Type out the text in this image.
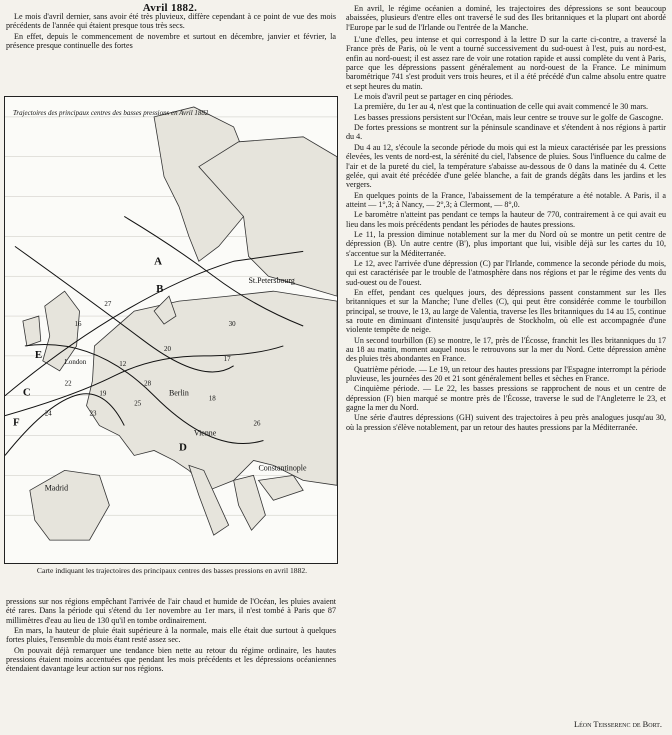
Avril 1882.

Le mois d'avril dernier, sans avoir été très pluvieux, diffère cependant à ce point de vue des mois précédents de l'année qui étaient presque tous très secs.

En effet, depuis le commencement de novembre et surtout en décembre, janvier et février, la présence presque continuelle des fortes

Trajectoires des principaux centres des basses pressions en Avril 1882.
St.Petersbourg
Berlin
Vienne
Madrid
Constantinople
London
A
B
C
D
E
F
12
16
17
18
19
20
22
23
24
25
26
27
28
30
Carte indiquant les trajectoires des principaux centres des basses pressions en avril 1882.

pressions sur nos régions empêchant l'arrivée de l'air chaud et humide de l'Océan, les pluies avaient été rares. Dans la période qui s'étend du 1er novembre au 1er mars, il n'est tombé à Paris que 87 millimètres d'eau au lieu de 130 qu'il en tombe ordinairement.

En mars, la hauteur de pluie était supérieure à la normale, mais elle était due surtout à quelques fortes pluies, l'ensemble du mois étant resté assez sec.

On pouvait déjà remarquer une tendance bien nette au retour du régime ordinaire, les hautes pressions étaient moins accentuées que pendant les mois précédents et les dépressions océaniennes étendaient davantage leur action sur nos régions.

En avril, le régime océanien a dominé, les trajectoires des dépressions se sont beaucoup abaissées, plusieurs d'entre elles ont traversé le sud des Iles britanniques et la plupart ont abordé l'Europe par le sud de l'Irlande ou l'entrée de la Manche.

L'une d'elles, peu intense et qui correspond à la lettre D sur la carte ci-contre, a traversé la France près de Paris, où le vent a tourné successivement du sud-ouest à l'est, puis au nord-est, enfin au nord-ouest; il est assez rare de voir une rotation rapide et aussi complète du vent à Paris, parce que les dépressions passent généralement au nord-ouest de la France. Le minimum barométrique 741 s'est produit vers trois heures, et il a été précédé d'un calme absolu entre quatre et sept heures du matin.

Le mois d'avril peut se partager en cinq périodes.

La première, du 1er au 4, n'est que la continuation de celle qui avait commencé le 30 mars.

Les basses pressions persistent sur l'Océan, mais leur centre se trouve sur le golfe de Gascogne.

De fortes pressions se montrent sur la péninsule scandinave et s'étendent à nos régions à partir du 4.

Du 4 au 12, s'écoule la seconde période du mois qui est la mieux caractérisée par les pressions élevées, les vents de nord-est, la sérénité du ciel, l'absence de pluies. Sous l'influence du calme de l'air et de la pureté du ciel, la température s'abaisse au-dessous de 0 dans la matinée du 4. Cette gelée, qui avait été précédée d'une gelée blanche, a fait de grands dégâts dans les jardins et les vergers.

En quelques points de la France, l'abaissement de la température a été notable. A Paris, il a atteint — 1°,3; à Nancy, — 2°,3; à Clermont, — 8°,0.

Le baromètre n'atteint pas pendant ce temps la hauteur de 770, contrairement à ce qui avait eu lieu dans les mois précédents pendant les périodes de hautes pressions.

Le 11, la pression diminue notablement sur la mer du Nord où se montre un petit centre de dépression (B). Un autre centre (B'), plus important que lui, visible déjà sur les cartes du 10, s'accentue sur la Méditerranée.

Le 12, avec l'arrivée d'une dépression (C) par l'Irlande, commence la seconde période du mois, qui est caractérisée par le trouble de l'atmosphère dans nos régions et par le régime des vents du sud-ouest ou de l'ouest.

En effet, pendant ces quelques jours, des dépressions passent constamment sur les Iles britanniques et sur la Manche; l'une d'elles (C), qui peut être considérée comme le tourbillon principal, se trouve, le 13, au large de Valentia, traverse les Iles britanniques du 14 au 15, continue sa route en diminuant d'intensité jusqu'auprès de Stockholm, où elle est accompagnée d'une violente tempête de neige.

Un second tourbillon (E) se montre, le 17, près de l'Écosse, franchit les Iles britanniques du 17 au 18 au matin, moment auquel nous le retrouvons sur la mer du Nord. Cette dépression amène des pluies très abondantes en France.

Quatrième période. — Le 19, un retour des hautes pressions par l'Espagne interrompt la période pluvieuse, les journées des 20 et 21 sont généralement belles et sèches en France.

Cinquième période. — Le 22, les basses pressions se rapprochent de nous et un centre de dépression (F) bien marqué se montre près de l'Écosse, traverse le sud de l'Angleterre le 23, et gagne la mer du Nord.

Une série d'autres dépressions (GH) suivent des trajectoires à peu près analogues jusqu'au 30, où la pression s'élève notablement, par un retour des hautes pressions par la Méditerranée.

Léon Teisserenc de Bort.
